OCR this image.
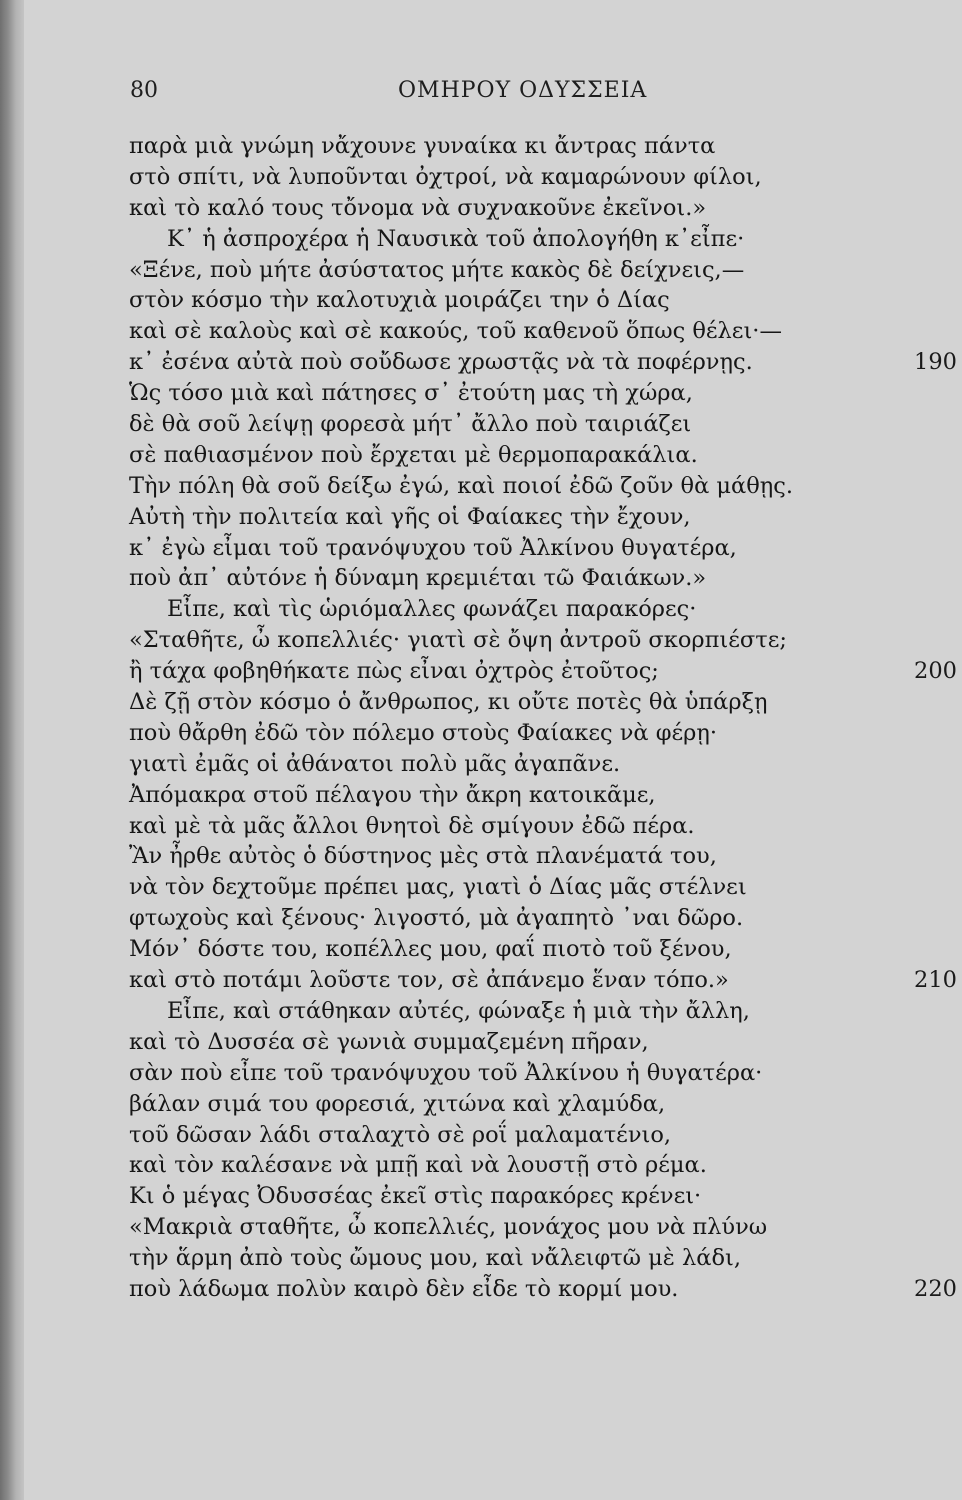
80	ΟΜΗΡΟΥ ΟΔΥΣΣΕΙΑ
παρὰ μιὰ γνώμη νἄχουνε γυναίκα κι ἄντρας πάντα
στὸ σπίτι, νὰ λυποῦνται ὀχτροί, νὰ καμαρώνουν φίλοι,
καὶ τὸ καλό τους τὄνομα νὰ συχνακοῦνε ἐκεῖνοι.»
Κ᾽ ἡ ἀσπροχέρα ἡ Ναυσικὰ τοῦ ἀπολογήθη κ᾽εἶπε·
«Ξένε, ποὺ μήτε ἀσύστατος μήτε κακὸς δὲ δείχνεις,—
στὸν κόσμο τὴν καλοτυχιὰ μοιράζει την ὁ Δίας
καὶ σὲ καλοὺς καὶ σὲ κακούς, τοῦ καθενοῦ ὅπως θέλει·—
κ᾽ ἐσένα αὐτὰ ποὺ σοὔδωσε χρωστᾷς νὰ τὰ ποφέρνῃς.	190
Ὡς τόσο μιὰ καὶ πάτησες σ᾽ ἐτούτη μας τὴ χώρα,
δὲ θὰ σοῦ λείψῃ φορεσὰ μήτ᾽ ἄλλο ποὺ ταιριάζει
σὲ παθιασμένον ποὺ ἔρχεται μὲ θερμοπαρακάλια.
Τὴν πόλη θὰ σοῦ δείξω ἐγώ, καὶ ποιοί ἐδῶ ζοῦν θὰ μάθῃς.
Αὐτὴ τὴν πολιτεία καὶ γῆς οἱ Φαίακες τὴν ἔχουν,
κ᾽ ἐγὼ εἶμαι τοῦ τρανόψυχου τοῦ Ἀλκίνου θυγατέρα,
ποὺ ἀπ᾽ αὐτόνε ἡ δύναμη κρεμιέται τῶ Φαιάκων.»
Εἶπε, καὶ τὶς ὡριόμαλλες φωνάζει παρακόρες·
«Σταθῆτε, ὦ κοπελλιές· γιατὶ σὲ ὄψη ἀντροῦ σκορπιέστε;
ἢ τάχα φοβηθήκατε πὼς εἶναι ὀχτρὸς ἐτοῦτος;	200
Δὲ ζῇ στὸν κόσμο ὁ ἄνθρωπος, κι οὔτε ποτὲς θὰ ὑπάρξῃ
ποὺ θἄρθη ἐδῶ τὸν πόλεμο στοὺς Φαίακες νὰ φέρῃ·
γιατὶ ἐμᾶς οἱ ἀθάνατοι πολὺ μᾶς ἀγαπᾶνε.
Ἀπόμακρα στοῦ πέλαγου τὴν ἄκρη κατοικᾶμε,
καὶ μὲ τὰ μᾶς ἄλλοι θνητοὶ δὲ σμίγουν ἐδῶ πέρα.
Ἂν ἦρθε αὐτὸς ὁ δύστηνος μὲς στὰ πλανέματά του,
νὰ τὸν δεχτοῦμε πρέπει μας, γιατὶ ὁ Δίας μᾶς στέλνει
φτωχοὺς καὶ ξένους· λιγοστό, μὰ ἀγαπητὸ ᾽ναι δῶρο.
Μόν᾽ δόστε του, κοπέλλες μου, φαΐ πιοτὸ τοῦ ξένου,
καὶ στὸ ποτάμι λοῦστε τον, σὲ ἀπάνεμο ἕναν τόπο.»	210
Εἶπε, καὶ στάθηκαν αὐτές, φώναξε ἡ μιὰ τὴν ἄλλη,
καὶ τὸ Δυσσέα σὲ γωνιὰ συμμαζεμένη πῆραν,
σὰν ποὺ εἶπε τοῦ τρανόψυχου τοῦ Ἀλκίνου ἡ θυγατέρα·
βάλαν σιμά του φορεσιά, χιτώνα καὶ χλαμύδα,
τοῦ δῶσαν λάδι σταλαχτὸ σὲ ροΐ μαλαματένιο,
καὶ τὸν καλέσανε νὰ μπῇ καὶ νὰ λουστῇ στὸ ρέμα.
Κι ὁ μέγας Ὀδυσσέας ἐκεῖ στὶς παρακόρες κρένει·
«Μακριὰ σταθῆτε, ὦ κοπελλιές, μονάχος μου νὰ πλύνω
τὴν ἅρμη ἀπὸ τοὺς ὤμους μου, καὶ νἄλειφτῶ μὲ λάδι,
ποὺ λάδωμα πολὺν καιρὸ δὲν εἶδε τὸ κορμί μου.	220
